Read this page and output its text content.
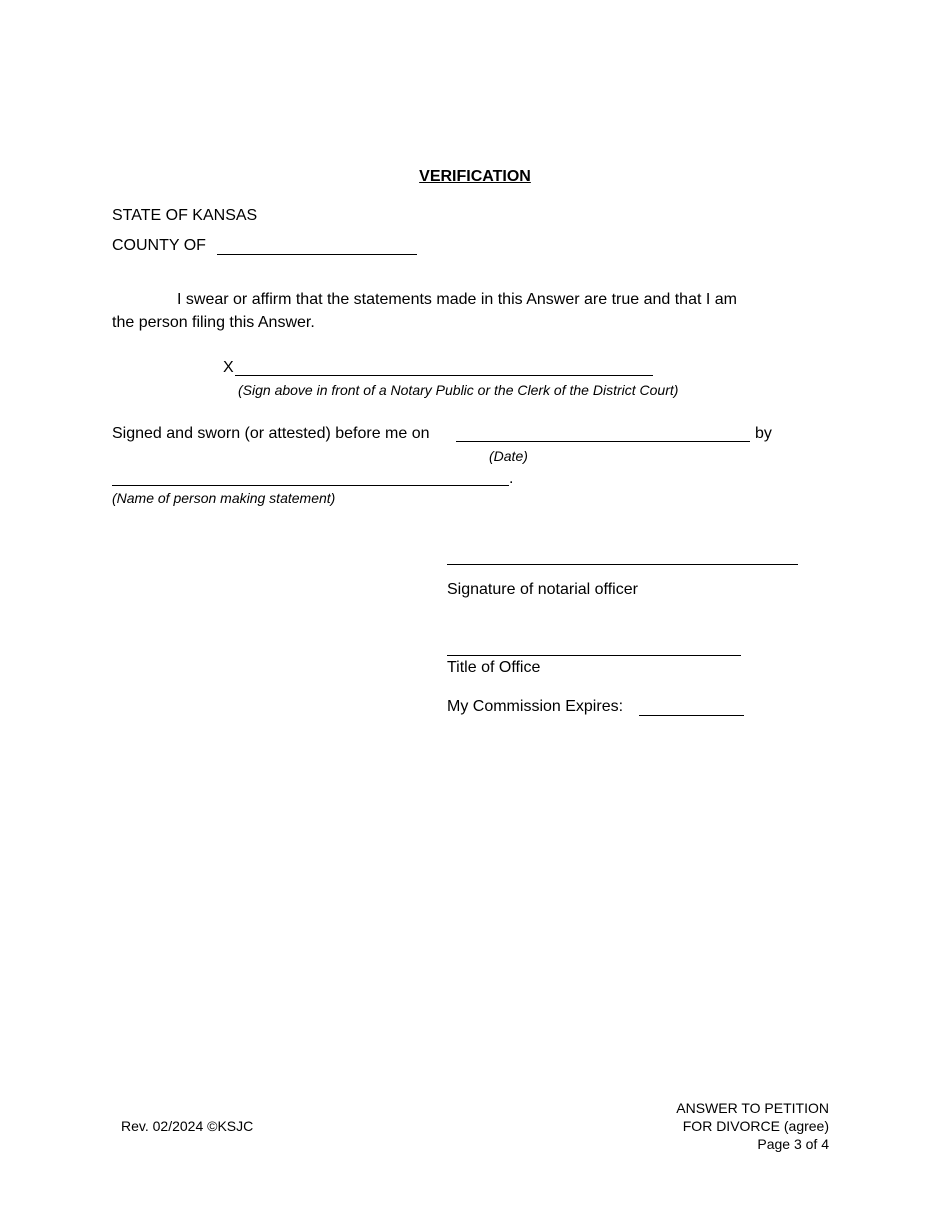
VERIFICATION
STATE OF KANSAS
COUNTY OF
I swear or affirm that the statements made in this Answer are true and that I am
the person filing this Answer.
X
(Sign above in front of a Notary Public or the Clerk of the District Court)
Signed and sworn (or attested) before me on	by
(Date)
.
(Name of person making statement)
Signature of notarial officer
Title of Office
My Commission Expires:
Rev. 02/2024 ©KSJC
ANSWER TO PETITION
FOR DIVORCE (agree)
Page 3 of 4
